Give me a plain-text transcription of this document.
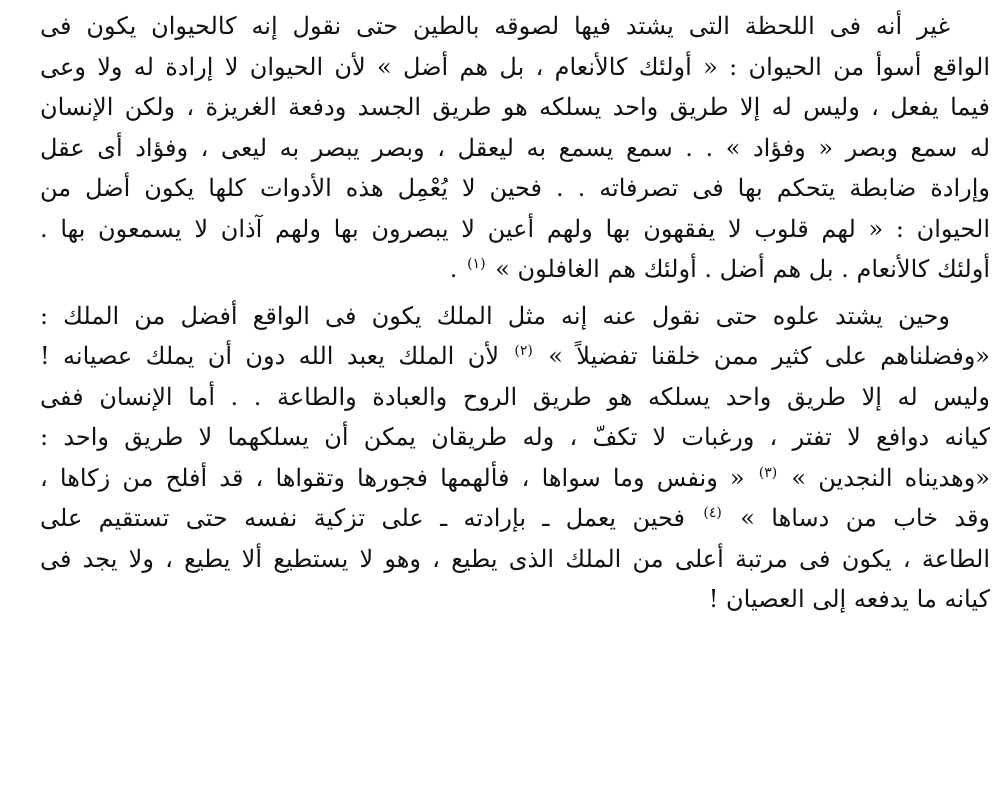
غير أنه فى اللحظة التى يشتد فيها لصوقه بالطين حتى نقول إنه كالحيوان يكون فى
الواقع أسوأ من الحيوان : « أولئك كالأنعام ، بل هم أضل » لأن الحيوان لا إرادة له ولا وعى
فيما يفعل ، وليس له إلا طريق واحد يسلكه هو طريق الجسد ودفعة الغريزة ، ولكن الإنسان
له سمع وبصر « وفؤاد » . . سمع يسمع به ليعقل ، وبصر يبصر به ليعى ، وفؤاد أى عقل
وإرادة ضابطة يتحكم بها فى تصرفاته . . فحين لا يُعْمِل هذه الأدوات كلها يكون أضل من
الحيوان : « لهم قلوب لا يفقهون بها ولهم أعين لا يبصرون بها ولهم آذان لا يسمعون بها .
أولئك كالأنعام . بل هم أضل . أولئك هم الغافلون » $^{(١)}$ .
وحين يشتد علوه حتى نقول عنه إنه مثل الملك يكون فى الواقع أفضل من الملك :
«وفضلناهم على كثير ممن خلقنا تفضيلاً » $^{(٢)}$ لأن الملك يعبد الله دون أن يملك عصيانه !
وليس له إلا طريق واحد يسلكه هو طريق الروح والعبادة والطاعة . . أما الإنسان ففى
كيانه دوافع لا تفتر ، ورغبات لا تكفّ ، وله طريقان يمكن أن يسلكهما لا طريق واحد :
«وهديناه النجدين » $^{(٣)}$ « ونفس وما سواها ، فألهمها فجورها وتقواها ، قد أفلح من زكاها ،
وقد خاب من دساها » $^{(٤)}$ فحين يعمل ـ بإرادته ـ على تزكية نفسه حتى تستقيم على
الطاعة ، يكون فى مرتبة أعلى من الملك الذى يطيع ، وهو لا يستطيع ألا يطيع ، ولا يجد فى
كيانه ما يدفعه إلى العصيان !
